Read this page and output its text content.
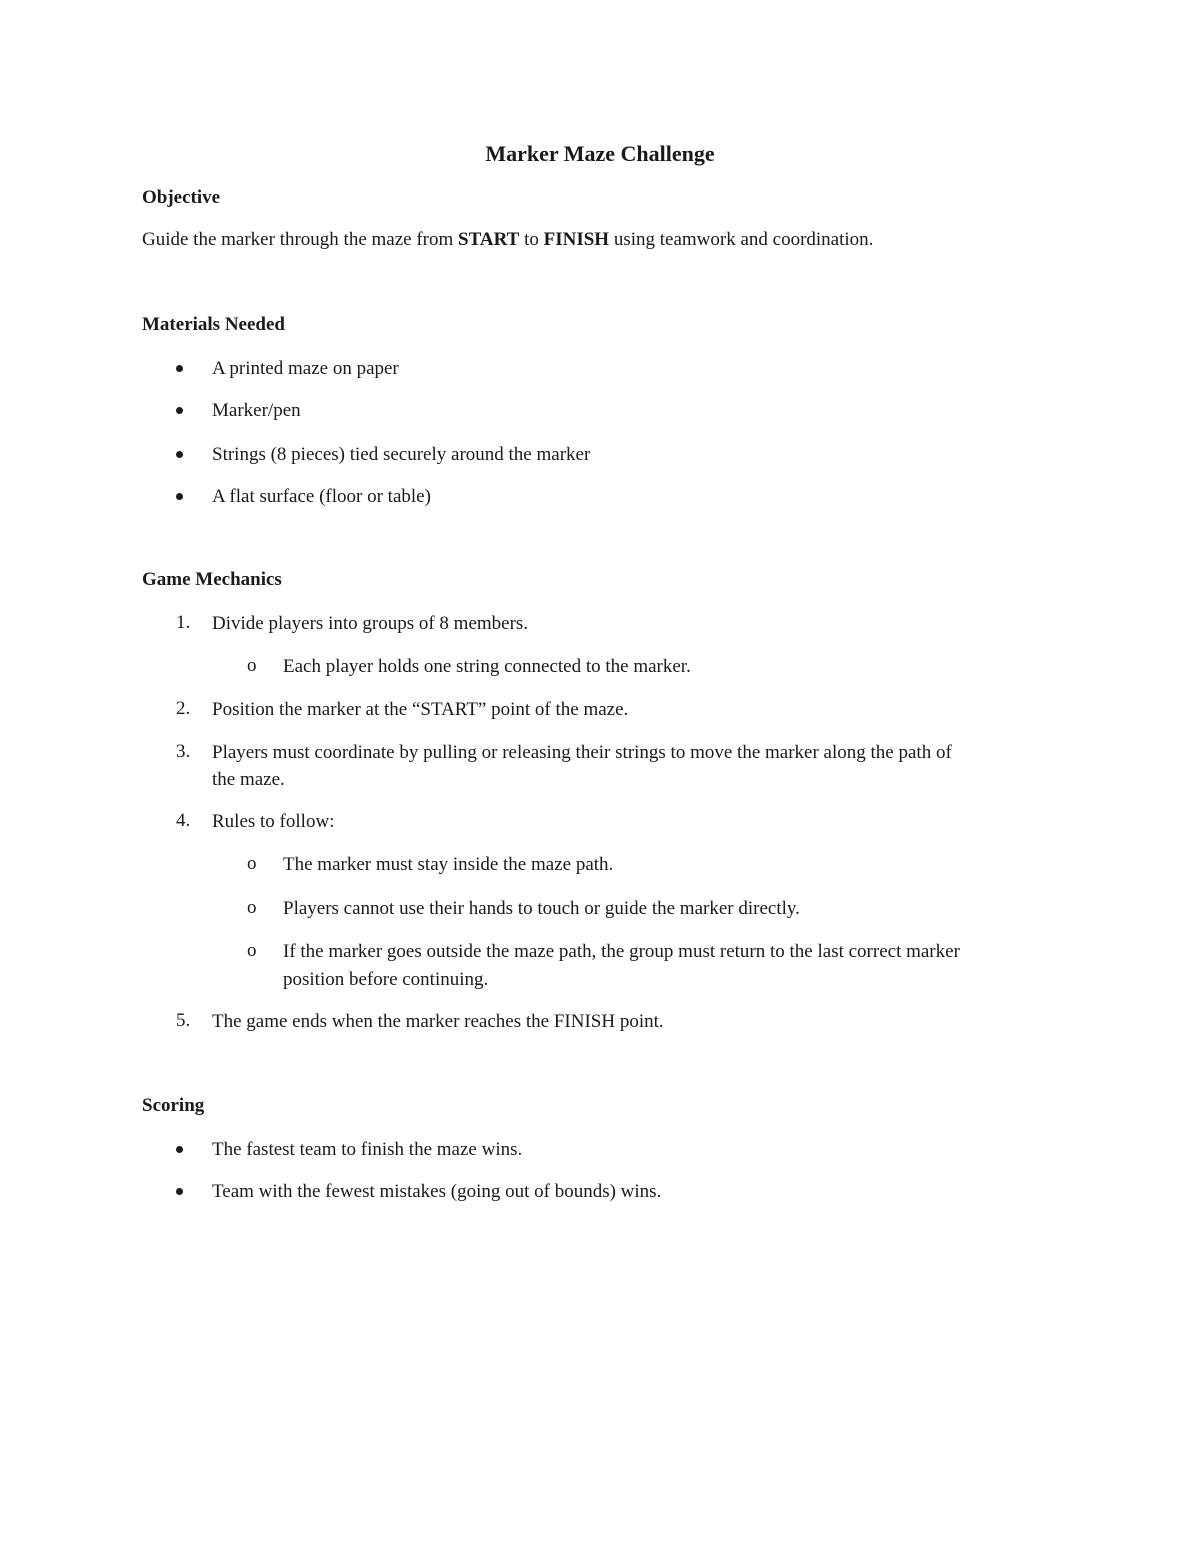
Marker Maze Challenge
Objective
Guide the marker through the maze from START to FINISH using teamwork and coordination.
Materials Needed
A printed maze on paper
Marker/pen
Strings (8 pieces) tied securely around the marker
A flat surface (floor or table)
Game Mechanics
1. Divide players into groups of 8 members.
o Each player holds one string connected to the marker.
2. Position the marker at the “START” point of the maze.
3. Players must coordinate by pulling or releasing their strings to move the marker along the path of
the maze.
4. Rules to follow:
o The marker must stay inside the maze path.
o Players cannot use their hands to touch or guide the marker directly.
o If the marker goes outside the maze path, the group must return to the last correct marker
position before continuing.
5. The game ends when the marker reaches the FINISH point.
Scoring
The fastest team to finish the maze wins.
Team with the fewest mistakes (going out of bounds) wins.
